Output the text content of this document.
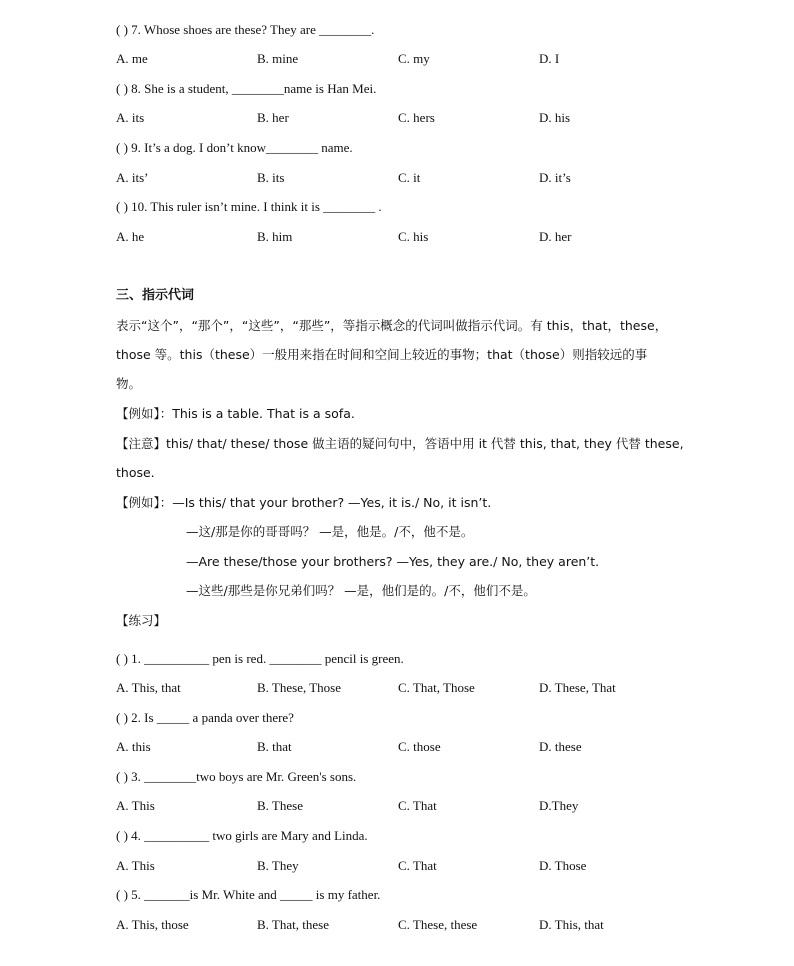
( ) 7. Whose shoes are these? They are ________.
A. me	B. mine	C. my	D. I
( ) 8. She is a student, ________name is Han Mei.
A. its	B. her	C. hers	D. his
( ) 9. It’s a dog. I don’t know________ name.
A. its’	B. its	C. it	D. it’s
( ) 10. This ruler isn’t mine. I think it is ________ .
A. he	B. him	C. his	D. her
三、指示代词
表示“这个”，“那个”，“这些”，“那些”，等指示概念的代词叫做指示代词。有 this，that，these，
those 等。this（these）一般用来指在时间和空间上较近的事物；that（those）则指较远的事
物。
【例如】：This is a table. That is a sofa.
【注意】this/ that/ these/ those 做主语的疑问句中，答语中用 it 代替 this, that, they 代替 these,
those.
【例如】：—Is this/ that your brother? —Yes, it is./ No, it isn’t.
—这/那是你的哥哥吗？ —是，他是。/不，他不是。
—Are these/those your brothers? —Yes, they are./ No, they aren’t.
—这些/那些是你兄弟们吗？ —是，他们是的。/不，他们不是。
【练习】
( ) 1. __________ pen is red. ________ pencil is green.
A. This, that	B. These, Those	C. That, Those	D. These, That
( ) 2. Is _____ a panda over there?
A. this	B. that	C. those	D. these
( ) 3. ________two boys are Mr. Green's sons.
A. This	B. These	C. That	D.They
( ) 4. __________ two girls are Mary and Linda.
A. This	B. They	C. That	D. Those
( ) 5. _______is Mr. White and _____ is my father.
A. This, those	B. That, these	C. These, these	D. This, that
